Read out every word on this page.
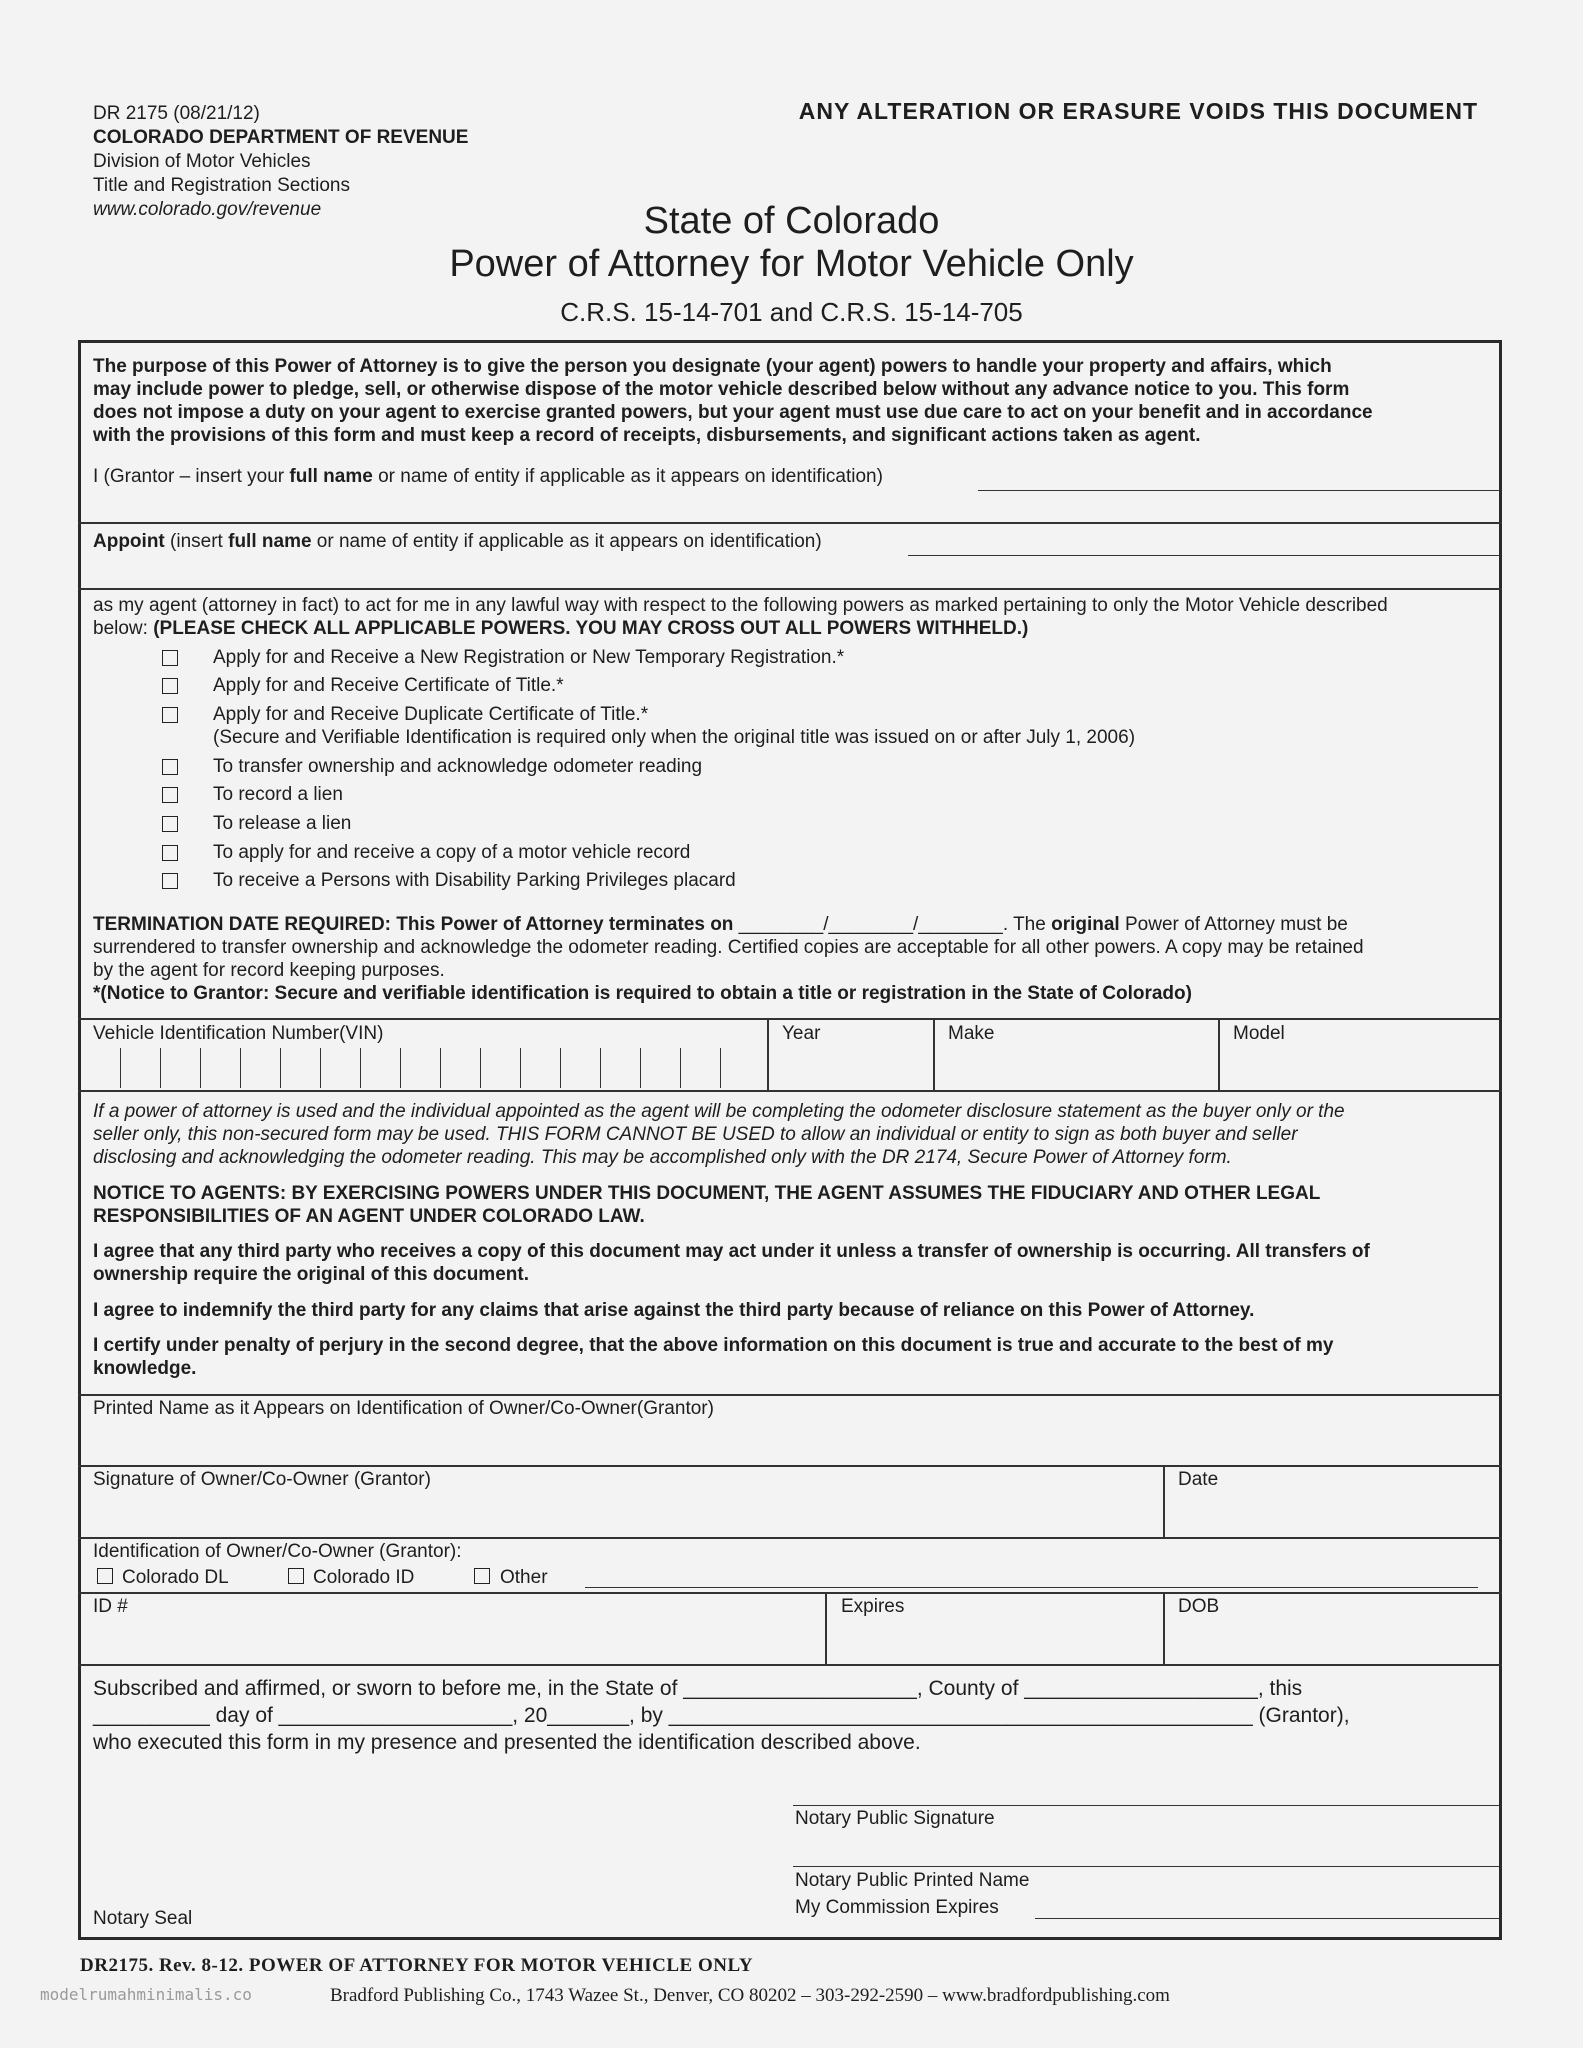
DR 2175 (08/21/12)
COLORADO DEPARTMENT OF REVENUE
Division of Motor Vehicles
Title and Registration Sections
www.colorado.gov/revenue
ANY ALTERATION OR ERASURE VOIDS THIS DOCUMENT
State of Colorado
Power of Attorney for Motor Vehicle Only
C.R.S. 15-14-701 and C.R.S. 15-14-705
The purpose of this Power of Attorney is to give the person you designate (your agent) powers to handle your property and affairs, which
may include power to pledge, sell, or otherwise dispose of the motor vehicle described below without any advance notice to you. This form
does not impose a duty on your agent to exercise granted powers, but your agent must use due care to act on your benefit and in accordance
with the provisions of this form and must keep a record of receipts, disbursements, and significant actions taken as agent.
I (Grantor – insert your full name or name of entity if applicable as it appears on identification)
Appoint (insert full name or name of entity if applicable as it appears on identification)
as my agent (attorney in fact) to act for me in any lawful way with respect to the following powers as marked pertaining to only the Motor Vehicle described
below: (PLEASE CHECK ALL APPLICABLE POWERS. YOU MAY CROSS OUT ALL POWERS WITHHELD.)
Apply for and Receive a New Registration or New Temporary Registration.*
Apply for and Receive Certificate of Title.*
Apply for and Receive Duplicate Certificate of Title.*
(Secure and Verifiable Identification is required only when the original title was issued on or after July 1, 2006)
To transfer ownership and acknowledge odometer reading
To record a lien
To release a lien
To apply for and receive a copy of a motor vehicle record
To receive a Persons with Disability Parking Privileges placard
TERMINATION DATE REQUIRED: This Power of Attorney terminates on ________/________/________. The original Power of Attorney must be
surrendered to transfer ownership and acknowledge the odometer reading. Certified copies are acceptable for all other powers. A copy may be retained
by the agent for record keeping purposes.
*(Notice to Grantor: Secure and verifiable identification is required to obtain a title or registration in the State of Colorado)
Vehicle Identification Number(VIN)	Year	Make	Model
If a power of attorney is used and the individual appointed as the agent will be completing the odometer disclosure statement as the buyer only or the
seller only, this non-secured form may be used. THIS FORM CANNOT BE USED to allow an individual or entity to sign as both buyer and seller
disclosing and acknowledging the odometer reading. This may be accomplished only with the DR 2174, Secure Power of Attorney form.
NOTICE TO AGENTS: BY EXERCISING POWERS UNDER THIS DOCUMENT, THE AGENT ASSUMES THE FIDUCIARY AND OTHER LEGAL
RESPONSIBILITIES OF AN AGENT UNDER COLORADO LAW.
I agree that any third party who receives a copy of this document may act under it unless a transfer of ownership is occurring. All transfers of
ownership require the original of this document.
I agree to indemnify the third party for any claims that arise against the third party because of reliance on this Power of Attorney.
I certify under penalty of perjury in the second degree, that the above information on this document is true and accurate to the best of my
knowledge.
Printed Name as it Appears on Identification of Owner/Co-Owner(Grantor)
Signature of Owner/Co-Owner (Grantor)	Date
Identification of Owner/Co-Owner (Grantor):
Colorado DL	Colorado ID	Other
ID #	Expires	DOB
Subscribed and affirmed, or sworn to before me, in the State of ____________________, County of ____________________, this
__________ day of ____________________, 20_______, by __________________________________________________ (Grantor),
who executed this form in my presence and presented the identification described above.
Notary Public Signature
Notary Public Printed Name
My Commission Expires
Notary Seal
DR2175. Rev. 8-12. POWER OF ATTORNEY FOR MOTOR VEHICLE ONLY
Bradford Publishing Co., 1743 Wazee St., Denver, CO 80202 – 303-292-2590 – www.bradfordpublishing.com
modelrumahminimalis.co
